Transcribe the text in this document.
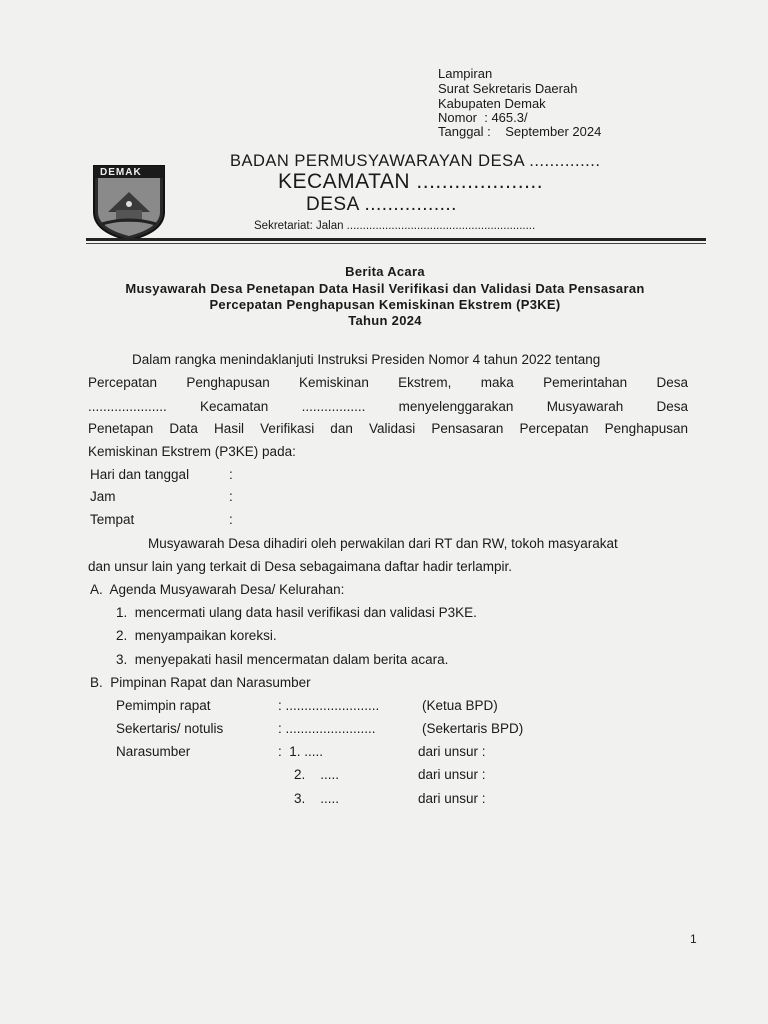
Lampiran
Surat Sekretaris Daerah
Kabupaten Demak
Nomor  : 465.3/
Tanggal :    September 2024
DEMAK
BADAN PERMUSYAWARAYAN DESA ..............
KECAMATAN ....................
DESA ................
Sekretariat: Jalan ...........................................................
Berita Acara
Musyawarah Desa Penetapan Data Hasil Verifikasi dan Validasi Data Pensasaran
Percepatan Penghapusan Kemiskinan Ekstrem (P3KE)
Tahun 2024
Dalam rangka menindaklanjuti Instruksi Presiden Nomor 4 tahun 2022 tentang
Percepatan Penghapusan Kemiskinan Ekstrem, maka Pemerintahan Desa
..................... Kecamatan ................. menyelenggarakan Musyawarah Desa
Penetapan Data Hasil Verifikasi dan Validasi Pensasaran Percepatan Penghapusan
Kemiskinan Ekstrem (P3KE) pada:
Hari dan tanggal	:
Jam	:
Tempat	:
Musyawarah Desa dihadiri oleh perwakilan dari RT dan RW, tokoh masyarakat
dan unsur lain yang terkait di Desa sebagaimana daftar hadir terlampir.
A.  Agenda Musyawarah Desa/ Kelurahan:
1.  mencermati ulang data hasil verifikasi dan validasi P3KE.
2.  menyampaikan koreksi.
3.  menyepakati hasil mencermatan dalam berita acara.
B.  Pimpinan Rapat dan Narasumber
Pemimpin rapat	: .........................	(Ketua BPD)
Sekertaris/ notulis	: ........................	(Sekertaris BPD)
Narasumber	:  1. .....	dari unsur :
2.    .....	dari unsur :
3.    .....	dari unsur :
1
